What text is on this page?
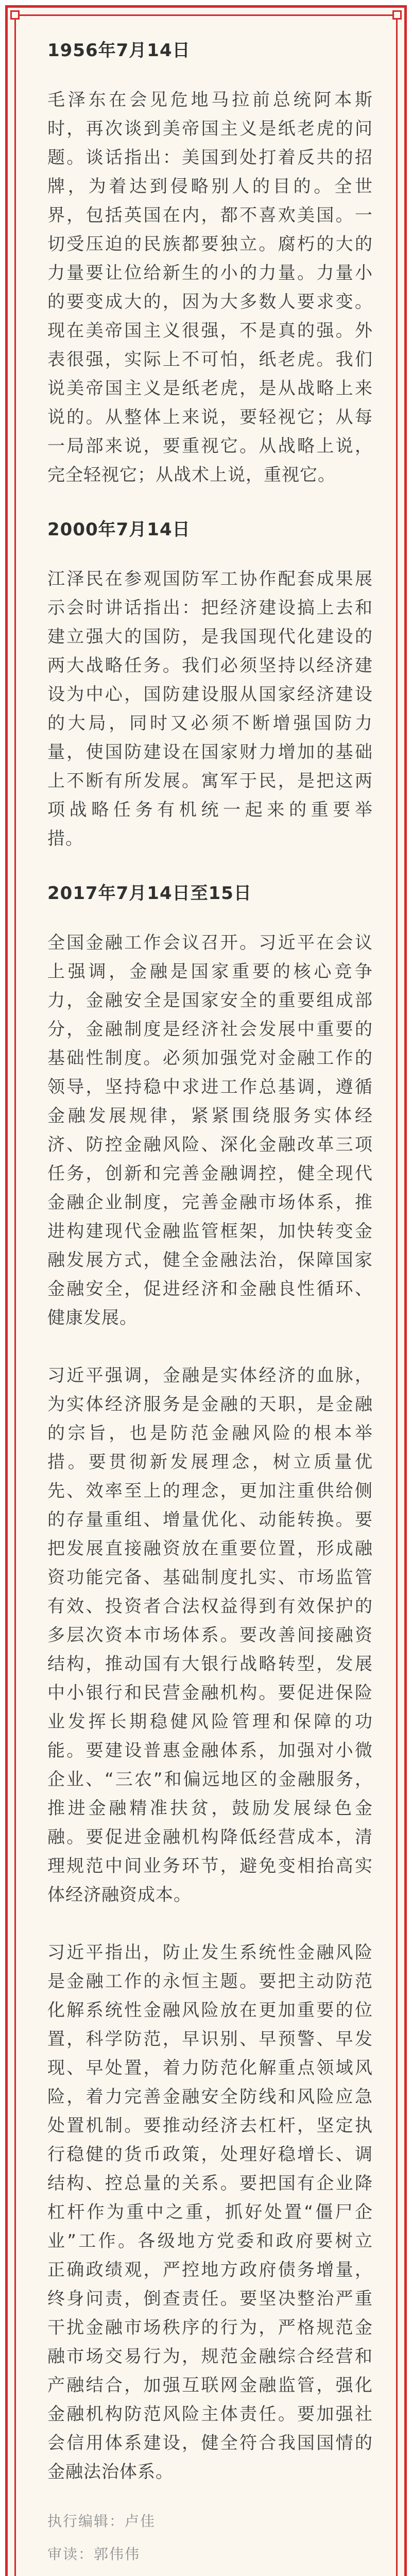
1956年7月14日
毛泽东在会见危地马拉前总统阿本斯
时，再次谈到美帝国主义是纸老虎的问
题。谈话指出：美国到处打着反共的招
牌，为着达到侵略别人的目的。全世
界，包括英国在内，都不喜欢美国。一
切受压迫的民族都要独立。腐朽的大的
力量要让位给新生的小的力量。力量小
的要变成大的，因为大多数人要求变。
现在美帝国主义很强，不是真的强。外
表很强，实际上不可怕，纸老虎。我们
说美帝国主义是纸老虎，是从战略上来
说的。从整体上来说，要轻视它；从每
一局部来说，要重视它。从战略上说，
完全轻视它；从战术上说，重视它。
2000年7月14日
江泽民在参观国防军工协作配套成果展
示会时讲话指出：把经济建设搞上去和
建立强大的国防，是我国现代化建设的
两大战略任务。我们必须坚持以经济建
设为中心，国防建设服从国家经济建设
的大局，同时又必须不断增强国防力
量，使国防建设在国家财力增加的基础
上不断有所发展。寓军于民，是把这两
项战略任务有机统一起来的重要举
措。
2017年7月14日至15日
全国金融工作会议召开。习近平在会议
上强调，金融是国家重要的核心竞争
力，金融安全是国家安全的重要组成部
分，金融制度是经济社会发展中重要的
基础性制度。必须加强党对金融工作的
领导，坚持稳中求进工作总基调，遵循
金融发展规律，紧紧围绕服务实体经
济、防控金融风险、深化金融改革三项
任务，创新和完善金融调控，健全现代
金融企业制度，完善金融市场体系，推
进构建现代金融监管框架，加快转变金
融发展方式，健全金融法治，保障国家
金融安全，促进经济和金融良性循环、
健康发展。
习近平强调，金融是实体经济的血脉，
为实体经济服务是金融的天职，是金融
的宗旨，也是防范金融风险的根本举
措。要贯彻新发展理念，树立质量优
先、效率至上的理念，更加注重供给侧
的存量重组、增量优化、动能转换。要
把发展直接融资放在重要位置，形成融
资功能完备、基础制度扎实、市场监管
有效、投资者合法权益得到有效保护的
多层次资本市场体系。要改善间接融资
结构，推动国有大银行战略转型，发展
中小银行和民营金融机构。要促进保险
业发挥长期稳健风险管理和保障的功
能。要建设普惠金融体系，加强对小微
企业、“三农”和偏远地区的金融服务，
推进金融精准扶贫，鼓励发展绿色金
融。要促进金融机构降低经营成本，清
理规范中间业务环节，避免变相抬高实
体经济融资成本。
习近平指出，防止发生系统性金融风险
是金融工作的永恒主题。要把主动防范
化解系统性金融风险放在更加重要的位
置，科学防范，早识别、早预警、早发
现、早处置，着力防范化解重点领域风
险，着力完善金融安全防线和风险应急
处置机制。要推动经济去杠杆，坚定执
行稳健的货币政策，处理好稳增长、调
结构、控总量的关系。要把国有企业降
杠杆作为重中之重，抓好处置“僵尸企
业”工作。各级地方党委和政府要树立
正确政绩观，严控地方政府债务增量，
终身问责，倒查责任。要坚决整治严重
干扰金融市场秩序的行为，严格规范金
融市场交易行为，规范金融综合经营和
产融结合，加强互联网金融监管，强化
金融机构防范风险主体责任。要加强社
会信用体系建设，健全符合我国国情的
金融法治体系。
执行编辑：卢佳
审读：郭伟伟
